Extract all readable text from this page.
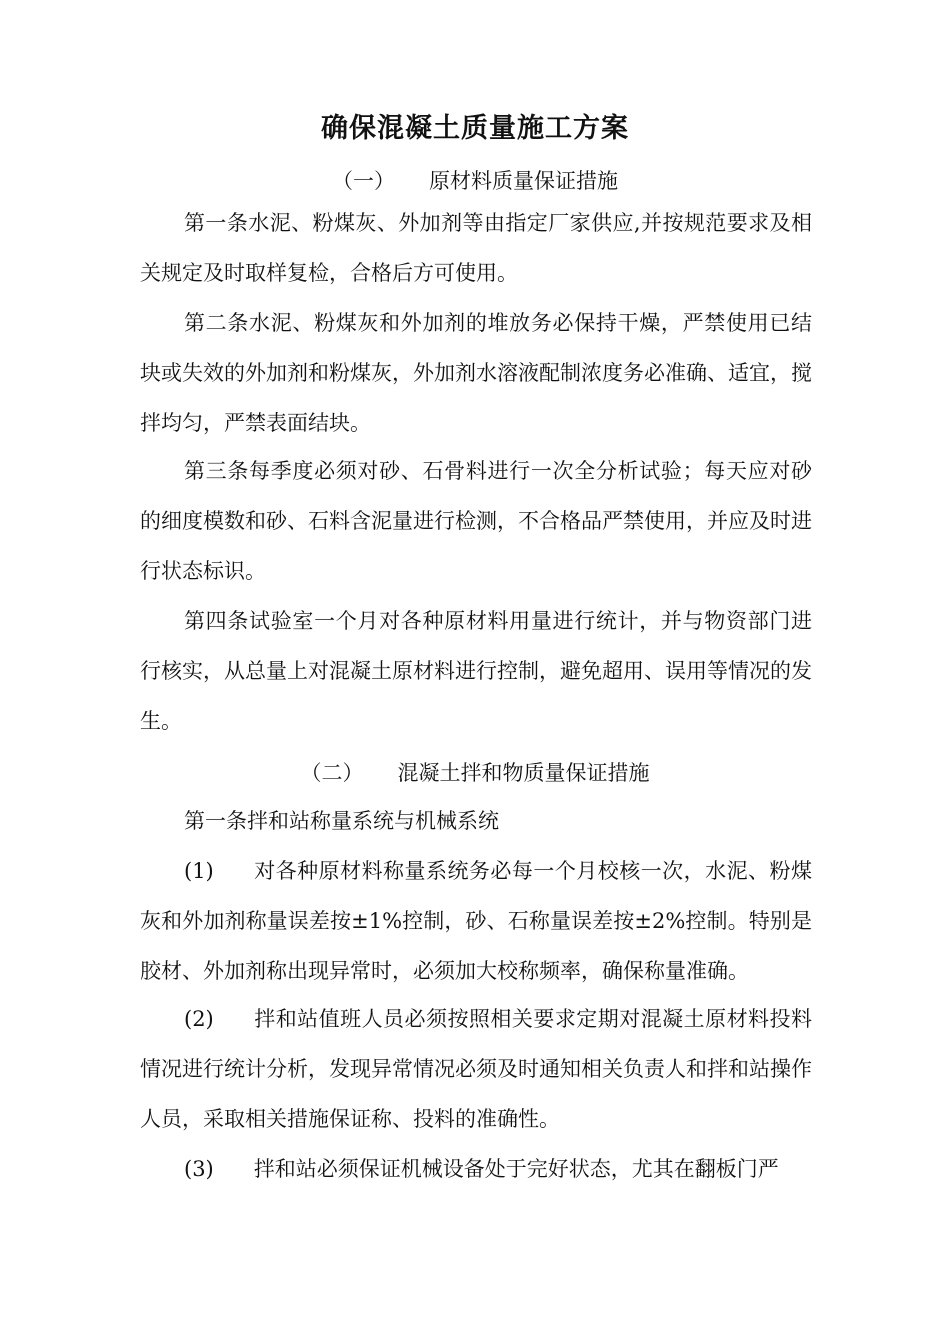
确保混凝土质量施工方案
（一） 原材料质量保证措施

第一条水泥、粉煤灰、外加剂等由指定厂家供应,并按规范要求及相关规定及时取样复检，合格后方可使用。

第二条水泥、粉煤灰和外加剂的堆放务必保持干燥，严禁使用已结块或失效的外加剂和粉煤灰，外加剂水溶液配制浓度务必准确、适宜，搅拌均匀，严禁表面结块。

第三条每季度必须对砂、石骨料进行一次全分析试验；每天应对砂的细度模数和砂、石料含泥量进行检测，不合格品严禁使用，并应及时进行状态标识。

第四条试验室一个月对各种原材料用量进行统计，并与物资部门进行核实，从总量上对混凝土原材料进行控制，避免超用、误用等情况的发生。

（二） 混凝土拌和物质量保证措施

第一条拌和站称量系统与机械系统

(1) 对各种原材料称量系统务必每一个月校核一次，水泥、粉煤灰和外加剂称量误差按±1%控制，砂、石称量误差按±2%控制。特别是胶材、外加剂称出现异常时，必须加大校称频率，确保称量准确。

(2) 拌和站值班人员必须按照相关要求定期对混凝土原材料投料情况进行统计分析，发现异常情况必须及时通知相关负责人和拌和站操作人员，采取相关措施保证称、投料的准确性。

(3) 拌和站必须保证机械设备处于完好状态，尤其在翻板门严
